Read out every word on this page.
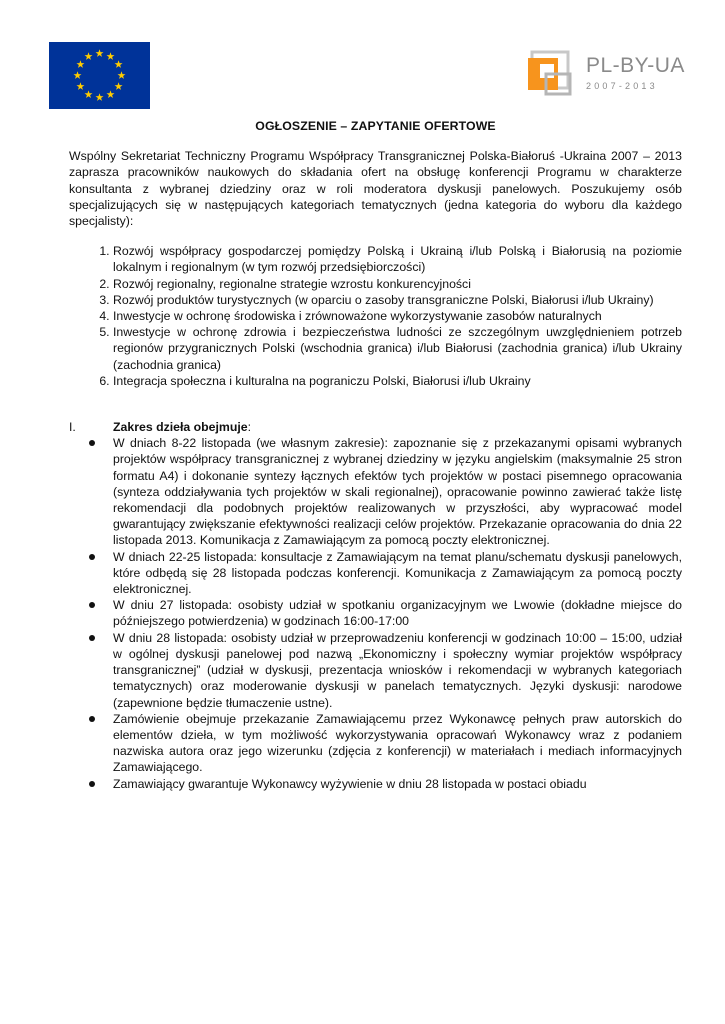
PL-BY-UA
2007-2013

OGŁOSZENIE – ZAPYTANIE OFERTOWE

Wspólny Sekretariat Techniczny Programu Współpracy Transgranicznej Polska-Białoruś -Ukraina 2007 – 2013 zaprasza pracowników naukowych do składania ofert na obsługę konferencji Programu w charakterze konsultanta z wybranej dziedziny oraz w roli moderatora dyskusji panelowych. Poszukujemy osób specjalizujących się w następujących kategoriach tematycznych (jedna kategoria do wyboru dla każdego specjalisty):

1. Rozwój współpracy gospodarczej pomiędzy Polską i Ukrainą i/lub Polską i Białorusią na poziomie lokalnym i regionalnym (w tym rozwój przedsiębiorczości)
2. Rozwój regionalny, regionalne strategie wzrostu konkurencyjności
3. Rozwój produktów turystycznych (w oparciu o zasoby transgraniczne Polski, Białorusi i/lub Ukrainy)
4. Inwestycje w ochronę środowiska i zrównoważone wykorzystywanie zasobów naturalnych
5. Inwestycje w ochronę zdrowia i bezpieczeństwa ludności ze szczególnym uwzględnieniem potrzeb regionów przygranicznych Polski (wschodnia granica) i/lub Białorusi (zachodnia granica) i/lub Ukrainy (zachodnia granica)
6. Integracja społeczna i kulturalna na pograniczu Polski, Białorusi i/lub Ukrainy
I.	Zakres dzieła obejmuje:
W dniach 8-22 listopada (we własnym zakresie): zapoznanie się z przekazanymi opisami wybranych projektów współpracy transgranicznej z wybranej dziedziny w języku angielskim (maksymalnie 25 stron formatu A4) i dokonanie syntezy łącznych efektów tych projektów w postaci pisemnego opracowania (synteza oddziaływania tych projektów w skali regionalnej), opracowanie powinno zawierać także listę rekomendacji dla podobnych projektów realizowanych w przyszłości, aby wypracować model gwarantujący zwiększanie efektywności realizacji celów projektów. Przekazanie opracowania do dnia 22 listopada 2013. Komunikacja z Zamawiającym za pomocą poczty elektronicznej.
W dniach 22-25 listopada: konsultacje z Zamawiającym na temat planu/schematu dyskusji panelowych, które odbędą się 28 listopada podczas konferencji. Komunikacja z Zamawiającym za pomocą poczty elektronicznej.
W dniu 27 listopada: osobisty udział w spotkaniu organizacyjnym we Lwowie (dokładne miejsce do późniejszego potwierdzenia) w godzinach 16:00-17:00
W dniu 28 listopada: osobisty udział w przeprowadzeniu konferencji w godzinach 10:00 – 15:00, udział w ogólnej dyskusji panelowej pod nazwą „Ekonomiczny i społeczny wymiar projektów współpracy transgranicznej” (udział w dyskusji, prezentacja wniosków i rekomendacji w wybranych kategoriach tematycznych) oraz moderowanie dyskusji w panelach tematycznych. Języki dyskusji: narodowe (zapewnione będzie tłumaczenie ustne).
Zamówienie obejmuje przekazanie Zamawiającemu przez Wykonawcę pełnych praw autorskich do elementów dzieła, w tym możliwość wykorzystywania opracowań Wykonawcy wraz z podaniem nazwiska autora oraz jego wizerunku (zdjęcia z konferencji) w materiałach i mediach informacyjnych Zamawiającego.
Zamawiający gwarantuje Wykonawcy wyżywienie w dniu 28 listopada w postaci obiadu
